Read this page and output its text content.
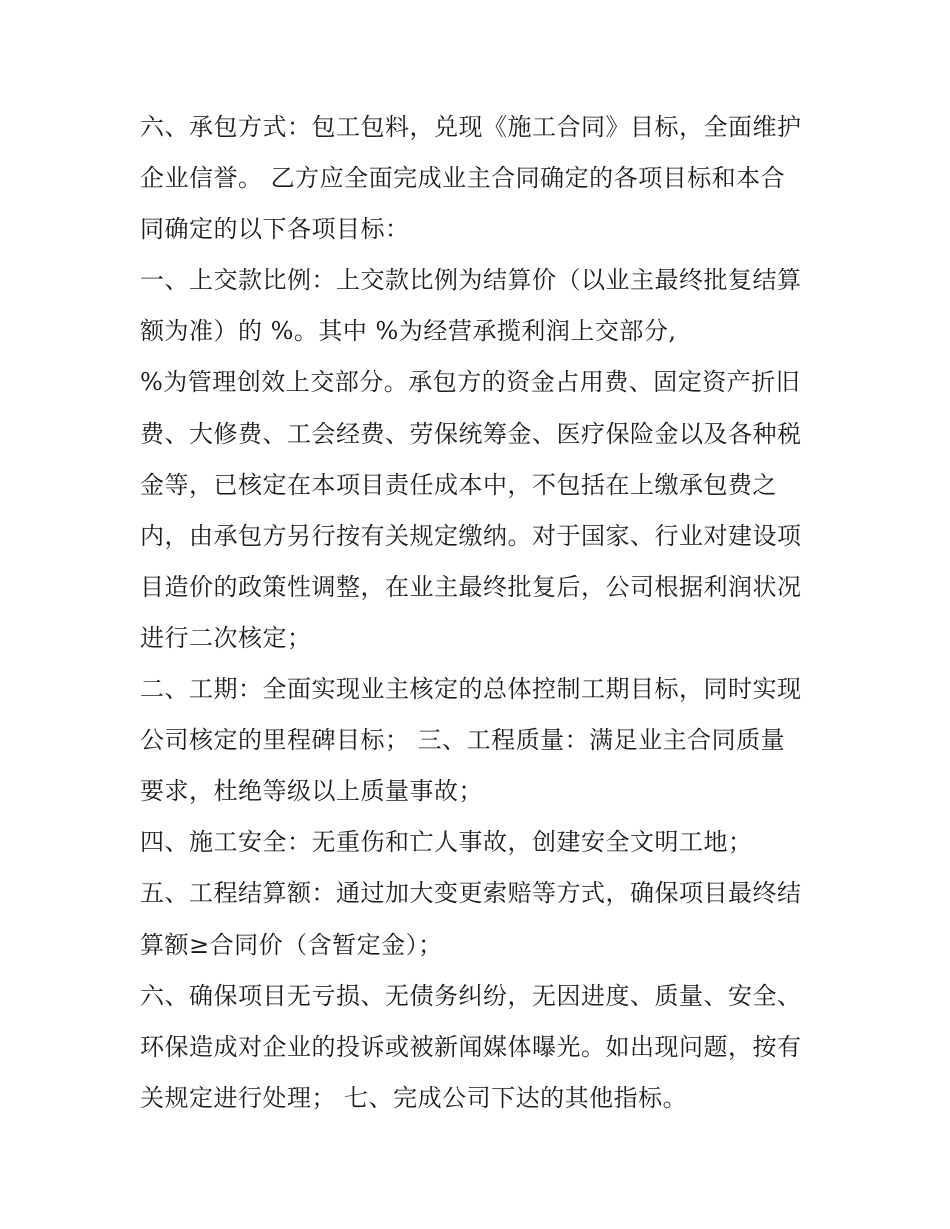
六、承包方式：包工包料，兑现《施工合同》目标，全面维护
企业信誉。 乙方应全面完成业主合同确定的各项目标和本合
同确定的以下各项目标：
一、上交款比例：上交款比例为结算价（以业主最终批复结算
额为准）的 %。其中 %为经营承揽利润上交部分,
%为管理创效上交部分。承包方的资金占用费、固定资产折旧
费、大修费、工会经费、劳保统筹金、医疗保险金以及各种税
金等，已核定在本项目责任成本中，不包括在上缴承包费之
内，由承包方另行按有关规定缴纳。对于国家、行业对建设项
目造价的政策性调整，在业主最终批复后，公司根据利润状况
进行二次核定；
二、工期：全面实现业主核定的总体控制工期目标，同时实现
公司核定的里程碑目标； 三、工程质量：满足业主合同质量
要求，杜绝等级以上质量事故；
四、施工安全：无重伤和亡人事故，创建安全文明工地；
五、工程结算额：通过加大变更索赔等方式，确保项目最终结
算额≥合同价（含暂定金）；
六、确保项目无亏损、无债务纠纷，无因进度、质量、安全、
环保造成对企业的投诉或被新闻媒体曝光。如出现问题，按有
关规定进行处理； 七、完成公司下达的其他指标。
